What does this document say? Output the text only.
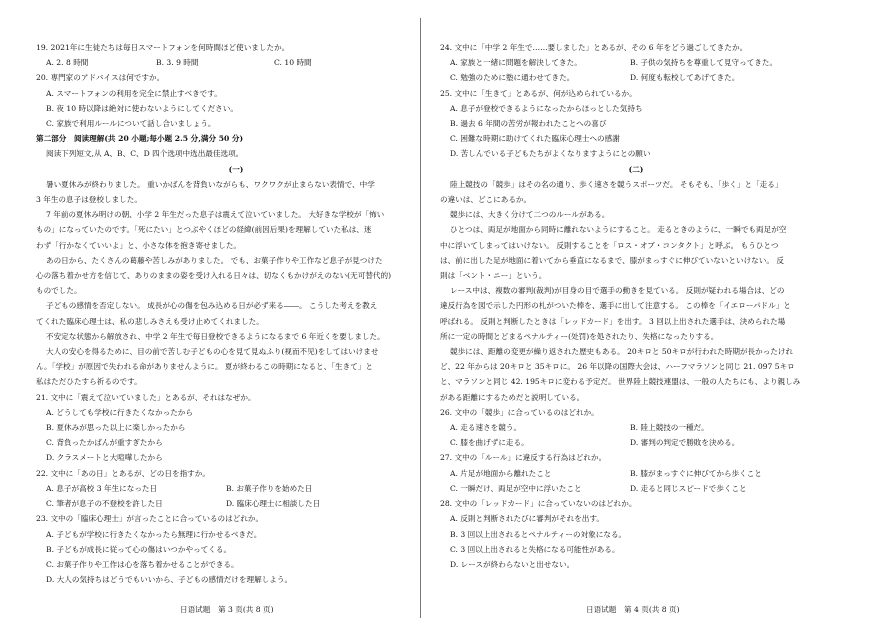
19. 2021年に生徒たちは毎日スマートフォンを何時間ほど使いましたか。
A. 2. 8 時間	B. 3. 9 時間	C. 10 時間
20. 専門家のアドバイスは何ですか。
A. スマートフォンの利用を完全に禁止すべきです。
B. 夜 10 時以降は絶対に使わないようにしてください。
C. 家族で利用ルールについて話し合いましょう。
第二部分　阅读理解(共 20 小题;每小题 2.5 分,满分 50 分)
阅读下列短文,从 A、B、C、D 四个选项中选出最佳选项。
(一)
暑い夏休みが終わりました。 重いかばんを背負いながらも、ワクワクが止まらない表情で、中学
3 年生の息子は登校しました。
7 年前の夏休み明けの朝、小学 2 年生だった息子は震えて泣いていました。 大好きな学校が「怖い
もの」になっていたのです。「死にたい」とつぶやくほどの経緯(前因后果)を理解していた私は、迷
わず「行かなくていいよ」と、小さな体を抱き寄せました。
あの日から、たくさんの葛藤や苦しみがありました。 でも、お菓子作りや工作など息子が見つけた
心の落ち着かせ方を信じて、ありのままの姿を受け入れる日々は、切なくもかけがえのない(无可替代的)
ものでした。
子どもの感情を否定しない。 成長が心の傷を包み込める日が必ず来る――。 こうした考えを教え
てくれた臨床心理士は、私の悲しみさえも受け止めてくれました。
不安定な状態から解放され、中学 2 年生で毎日登校できるようになるまで 6 年近くを要しました。
大人の安心を得るために、目の前で苦しむ子どもの心を見て見ぬふり(视而不见)をしてはいけませ
ん。「学校」が原因で失われる命がありませんように。 夏が終わるこの時期になると、「生きて」と
私はただひたすら祈るのです。
21. 文中に「震えて泣いていました」とあるが、それはなぜか。
A. どうしても学校に行きたくなかったから
B. 夏休みが思った以上に楽しかったから
C. 背負ったかばんが重すぎたから
D. クラスメートと大喧嘩したから
22. 文中に「あの日」とあるが、どの日を指すか。
A. 息子が高校 3 年生になった日	B. お菓子作りを始めた日
C. 筆者が息子の不登校を許した日	D. 臨床心理士に相談した日
23. 文中の「臨床心理士」が言ったことに合っているのはどれか。
A. 子どもが学校に行きたくなかったら無理に行かせるべきだ。
B. 子どもが成長に従って心の傷はいつかやってくる。
C. お菓子作りや工作は心を落ち着かせることができる。
D. 大人の気持ちはどうでもいいから、子どもの感情だけを理解しよう。
24. 文中に「中学 2 年生で……要しました」とあるが、その 6 年をどう過ごしてきたか。
A. 家族と一緒に問題を解決してきた。	B. 子供の気持ちを尊重して見守ってきた。
C. 勉強のために塾に通わせてきた。	D. 何度も転校してあげてきた。
25. 文中に「生きて」とあるが、何が込められているか。
A. 息子が登校できるようになったからほっとした気持ち
B. 過去 6 年間の苦労が報われたことへの喜び
C. 困難な時期に助けてくれた臨床心理士への感謝
D. 苦しんでいる子どもたちがよくなりますようにとの願い
(二)
陸上競技の「競歩」はその名の通り、歩く速さを競うスポーツだ。 そもそも、「歩く」と「走る」
の違いは、どこにあるか。
競歩には、大きく分けて二つのルールがある。
ひとつは、両足が地面から同時に離れないようにすること。 走るときのように、一瞬でも両足が空
中に浮いてしまってはいけない。 反則することを「ロス・オブ・コンタクト」と呼ぶ。 もうひとつ
は、前に出した足が地面に着いてから垂直になるまで、膝がまっすぐに伸びていないといけない。 反
則は「ベント・ニー」という。
レース中は、複数の審判(裁判)が目身の目で選手の動きを見ている。 反則が疑われる場合は、どの
違反行為を図で示した円形の札がついた棒を、選手に出して注意する。 この棒を「イエローパドル」と
呼ばれる。 反則と判断したときは「レッドカード」を出す。 3 回以上出された選手は、決められた場
所に一定の時間とどまるペナルティー(处罚)を処されたり、失格になったりする。
競歩には、距離の変更が繰り返された歴史もある。 20キロと 50キロが行われた時期が長かったけれ
ど、22 年からは 20キロと 35キロに。 26 年以降の国際大会は、ハーフマラソンと同じ 21. 097 5キロ
と、マラソンと同じ 42. 195キロに変わる予定だ。 世界陸上競技連盟は、一般の人たちにも、より親しみ
がある距離にするためだと説明している。
26. 文中の「競歩」に合っているのはどれか。
A. 走る速さを競う。	B. 陸上競技の一種だ。
C. 膝を曲げずに走る。	D. 審判の判定で勝敗を決める。
27. 文中の「ルール」に違反する行為はどれか。
A. 片足が地面から離れたこと	B. 膝がまっすぐに伸びてから歩くこと
C. 一瞬だけ、両足が空中に浮いたこと	D. 走ると同じスピードで歩くこと
28. 文中の「レッドカード」に合っていないのはどれか。
A. 反則と判断されたびに審判がそれを出す。
B. 3 回以上出されるとペナルティーの対象になる。
C. 3 回以上出されると失格になる可能性がある。
D. レースが終わらないと出せない。
日语试题　第 3 页(共 8 页)	日语试题　第 4 页(共 8 页)
